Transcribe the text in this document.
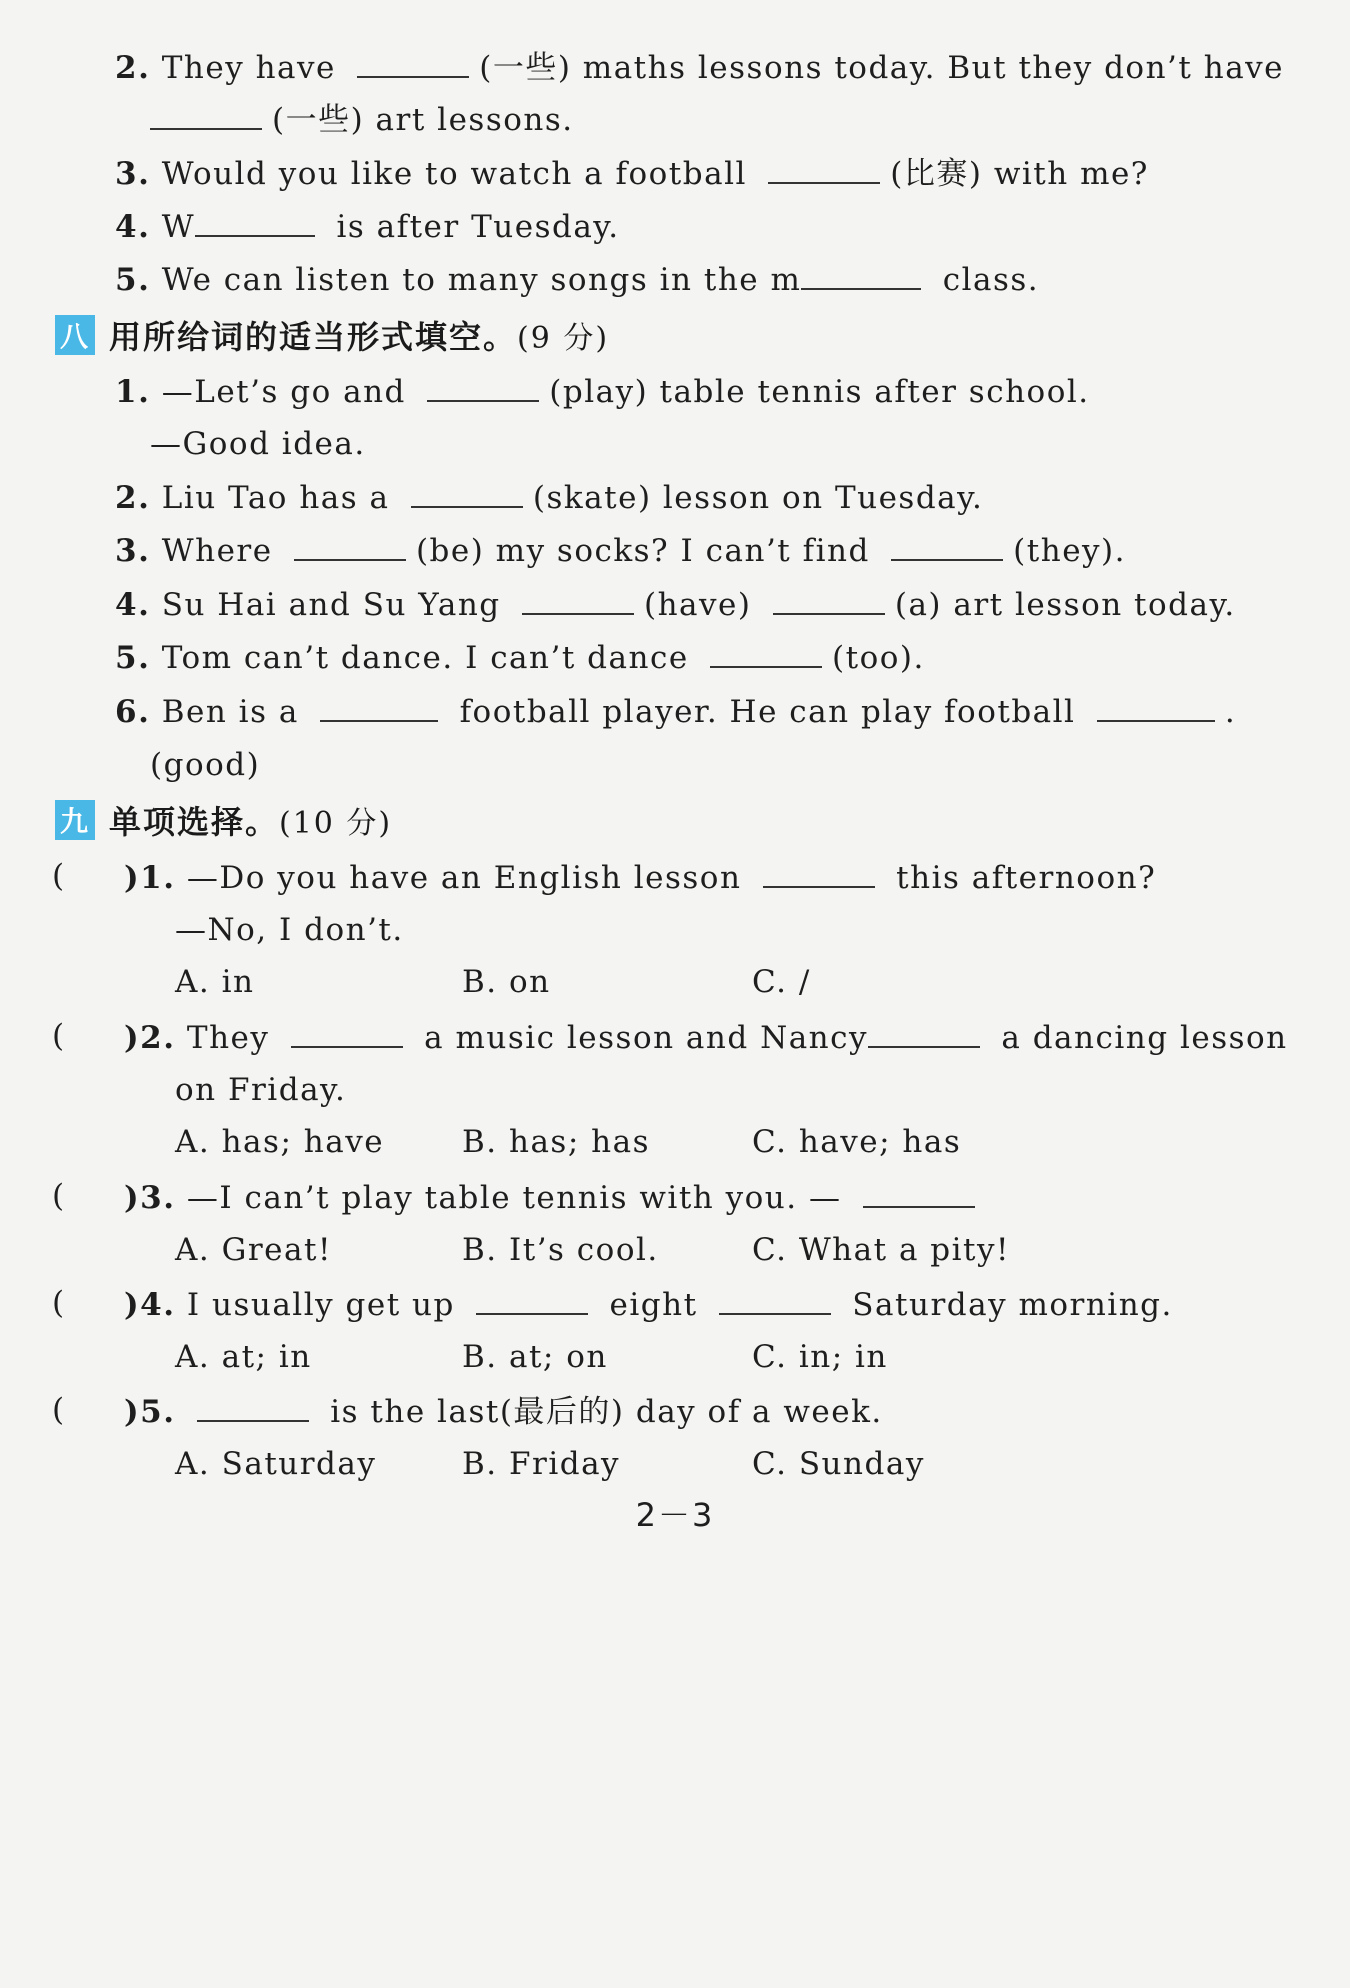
2. They have	(一些) maths lessons today. But they don’t have
(一些) art lessons.
3. Would you like to watch a football	(比赛) with me?
4. W	is after Tuesday.
5. We can listen to many songs in the m	class.
八 用所给词的适当形式填空。 (9 分)
1. —Let’s go and	(play) table tennis after school.
—Good idea.
2. Liu Tao has a	(skate) lesson on Tuesday.
3. Where	(be) my socks? I can’t find	(they).
4. Su Hai and Su Yang	(have)	(a) art lesson today.
5. Tom can’t dance. I can’t dance	(too).
6. Ben is a	football player. He can play football	.
(good)
九 单项选择。 (10 分)
( )1. —Do you have an English lesson	this afternoon?
—No, I don’t.
A. in	B. on	C. /
( )2. They	a music lesson and Nancy	a dancing lesson
on Friday.
A. has; have	B. has; has	C. have; has
( )3. —I can’t play table tennis with you. —
A. Great!	B. It’s cool.	C. What a pity!
( )4. I usually get up	eight	Saturday morning.
A. at; in	B. at; on	C. in; in
( )5.	is the last(最后的) day of a week.
A. Saturday	B. Friday	C. Sunday
2－3
